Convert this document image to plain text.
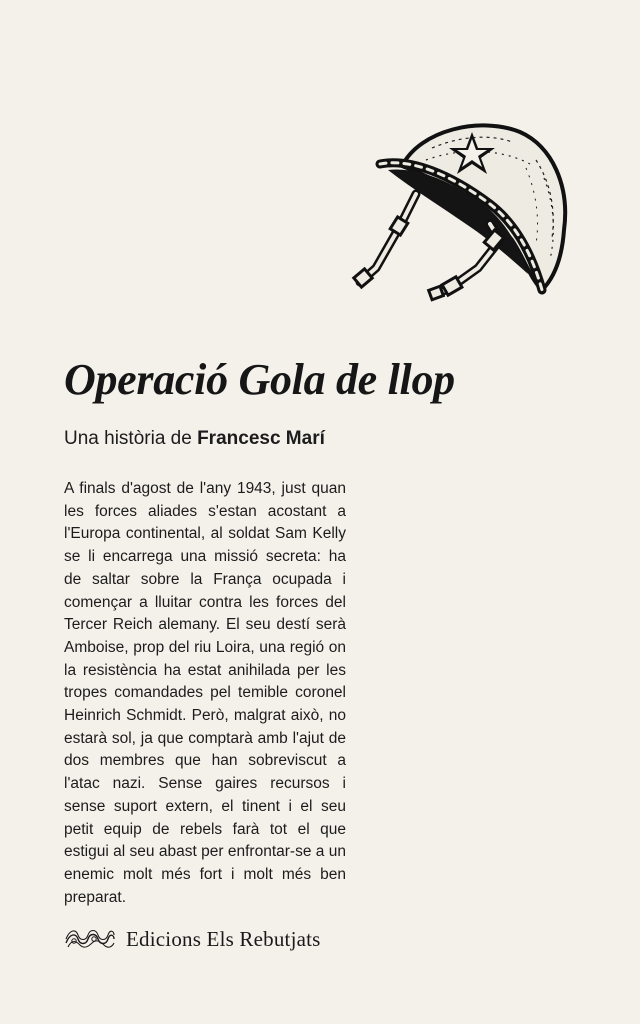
Operació Gola de llop

Una història de Francesc Marí

A finals d'agost de l'any 1943, just quan les forces aliades s'estan acostant a l'Europa continental, al soldat Sam Kelly se li encarrega una missió secreta: ha de saltar sobre la França ocupada i començar a lluitar contra les forces del Tercer Reich alemany. El seu destí serà Amboise, prop del riu Loira, una regió on la resistència ha estat anihilada per les tropes comandades pel temible coronel Heinrich Schmidt. Però, malgrat això, no estarà sol, ja que comptarà amb l'ajut de dos membres que han sobreviscut a l'atac nazi. Sense gaires recursos i sense suport extern, el tinent i el seu petit equip de rebels farà tot el que estigui al seu abast per enfrontar-se a un enemic molt més fort i molt més ben preparat.

Edicions Els Rebutjats
